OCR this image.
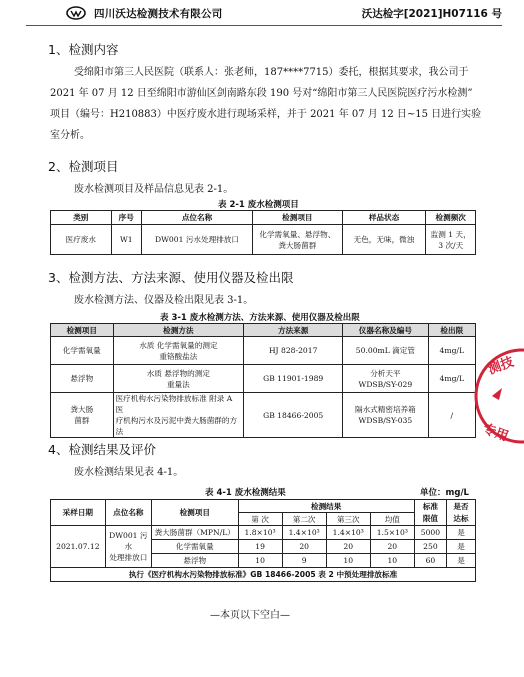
四川沃达检测技术有限公司	沃达检字[2021]H07116 号
1、检测内容
受绵阳市第三人民医院（联系人：张老师，187****7715）委托，根据其要求，我公司于
2021 年 07 月 12 日至绵阳市游仙区剑南路东段 190 号对“绵阳市第三人民医院医疗污水检测”
项目（编号：H210883）中医疗废水进行现场采样，并于 2021 年 07 月 12 日~15 日进行实验
室分析。
2、检测项目
废水检测项目及样品信息见表 2-1。
表 2-1 废水检测项目
类别	序号	点位名称	检测项目	样品状态	检测频次
医疗废水	W1	DW001 污水处理排放口	化学需氧量、悬浮物、
粪大肠菌群	无色，无味，微浊	监测 1 天，
3 次/天
3、检测方法、方法来源、使用仪器及检出限
废水检测方法、仪器及检出限见表 3-1。
表 3-1 废水检测方法、方法来源、使用仪器及检出限
检测项目	检测方法	方法来源	仪器名称及编号	检出限
化学需氧量	水质 化学需氧量的测定
重铬酸盐法	HJ 828-2017	50.00mL 滴定管	4mg/L
悬浮物	水质 悬浮物的测定
重量法	GB 11901-1989	分析天平
WDSB/SY-029	4mg/L
粪大肠
菌群	医疗机构水污染物排放标准 附录 A 医
疗机构污水及污泥中粪大肠菌群的方法	GB 18466-2005	隔水式精密培养箱
WDSB/SY-035	/
4、检测结果及评价
废水检测结果见表 4-1。
表 4-1 废水检测结果	单位：mg/L
采样日期	点位名称	检测项目	检测结果				标准	是否
			第 次	第二次	第三次	均值	限值	达标
2021.07.12	DW001 污水
处理排放口	粪大肠菌群（MPN/L）	1.8×10³	1.4×10³	1.4×10³	1.5×10³	5000	是
		化学需氧量	19	20	20	20	250	是
		悬浮物	10	9	10	10	60	是
执行《医疗机构水污染物排放标准》GB 18466-2005 表 2 中预处理排放标准								
—本页以下空白—
测技
专用
